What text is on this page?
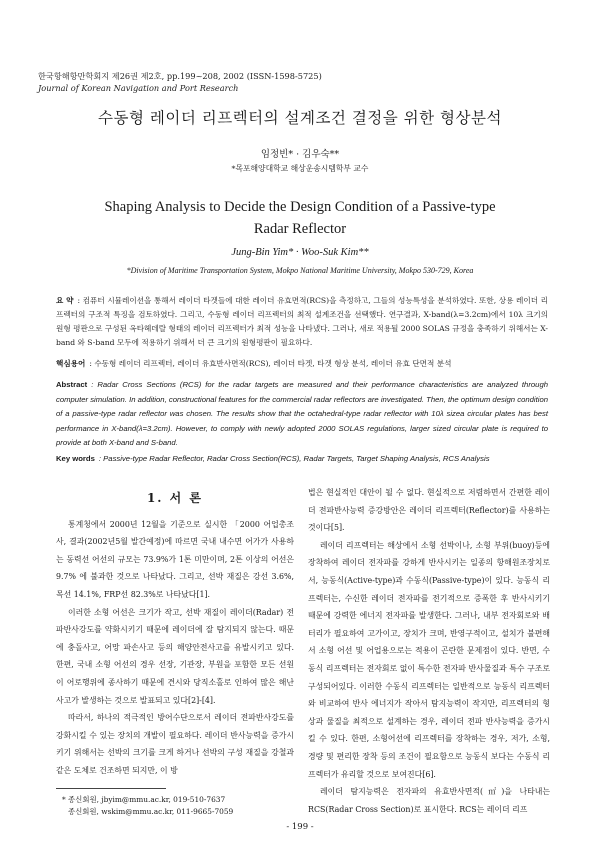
한국항해항만학회지 제26권 제2호, pp.199~208, 2002 (ISSN-1598-5725)
Journal of Korean Navigation and Port Research
수동형 레이더 리프렉터의 설계조건 결정을 위한 형상분석
임정빈* · 김우숙**
*목포해양대학교 해상운송시템학부 교수
Shaping Analysis to Decide the Design Condition of a Passive-type
Radar Reflector
Jung-Bin Yim* · Woo-Suk Kim**
*Division of Maritime Transportation System, Mokpo National Maritime University, Mokpo 530-729, Korea
요 약 : 컴퓨터 시뮬레이션을 통해서 레이더 타겟들에 대한 레이더 유효면적(RCS)을 측정하고, 그들의 성능특성을 분석하였다. 또한, 상용 레이더 리프렉터의 구조적 특징을 검토하였다. 그리고, 수동형 레이더 리프렉터의 최적 설계조건을 선택했다. 연구결과, X-band(λ=3.2cm)에서 10λ 크기의 원형 평판으로 구성된 옥타헤데랄 형태의 레이더 리프렉터가 최적 성능을 나타냈다. 그러나, 새로 적용될 2000 SOLAS 규정을 충족하기 위해서는 X-band 와 S-band 모두에 적용하기 위해서 더 큰 크기의 원형평판이 필요하다.
핵심용어 : 수동형 레이더 리프렉터, 레이더 유효반사면적(RCS), 레이더 타겟, 타겟 형상 분석, 레이더 유효 단면적 분석
Abstract : Radar Cross Sections (RCS) for the radar targets are measured and their performance characteristics are analyzed through computer simulation. In addition, constructional features for the commercial radar reflectors are investigated. Then, the optimum design condition of a passive-type radar reflector was chosen. The results show that the octahedral-type radar reflector with 10λ sizea circular plates has best performance in X-band(λ=3.2cm). However, to comply with newly adopted 2000 SOLAS regulations, larger sized circular plate is required to provide at both X-band and S-band.
Key words : Passive-type Radar Reflector, Radar Cross Section(RCS), Radar Targets, Target Shaping Analysis, RCS Analysis
1. 서 론

통계청에서 2000년 12월을 기준으로 실시한 「2000 어업총조사, 결과(2002년5월 발간예정)에 따르면 국내 내수면 어가가 사용하는 동력선 어선의 규모는 73.9%가 1톤 미만이며, 2톤 이상의 어선은 9.7% 에 불과한 것으로 나타났다. 그리고, 선박 재질은 강선 3.6%, 목선 14.1%, FRP선 82.3%로 나타났다[1].

이러한 소형 어선은 크기가 작고, 선박 재질이 레이더(Radar) 전파반사강도를 약화시키기 때문에 레이더에 잘 탐지되지 않는다. 때문에 충돌사고, 어망 파손사고 등의 해양안전사고를 유발시키고 있다. 한편, 국내 소형 어선의 경우 선장, 기관장, 부원을 포함한 모든 선원이 어로행위에 종사하기 때문에 견시와 당직소홀로 인하여 많은 해난사고가 발생하는 것으로 발표되고 있다[2]-[4].

따라서, 하나의 적극적인 방어수단으로서 레이더 전파반사강도를 강화시킬 수 있는 장치의 개발이 필요하다. 레이더 반사능력을 증가시키기 위해서는 선박의 크기를 크게 하거나 선박의 구성 재질을 강철과 같은 도체로 건조하면 되지만, 이 방

법은 현실적인 대안이 될 수 없다. 현실적으로 저렴하면서 간편한 레이더 전파반사능력 증강방안은 레이더 리프렉터(Reflector)를 사용하는 것이다[5].

레이더 리프렉터는 해상에서 소형 선박이나, 소형 부위(buoy)등에 장착하여 레이더 전자파를 강하게 반사시키는 일종의 항해원조장치로서, 능동식(Active-type)과 수동식(Passive-type)이 있다. 능동식 리프렉터는, 수신한 레이더 전자파를 전기적으로 증폭한 후 반사시키기 때문에 강력한 에너지 전자파를 발생한다. 그러나, 내부 전자회로와 배터리가 필요하여 고가이고, 장치가 크며, 반영구적이고, 설치가 불편해서 소형 어선 및 어업용으로는 적용이 곤란한 문제점이 있다. 반면, 수동식 리프렉터는 전자회로 없이 특수한 전자파 반사물질과 특수 구조로 구성되어있다. 이러한 수동식 리프렉터는 일반적으로 능동식 리프렉터와 비교하여 반사 에너지가 작아서 탐지능력이 작지만, 리프렉터의 형상과 물질을 최적으로 설계하는 경우, 레이더 전파 반사능력을 증가시킬 수 있다. 한편, 소형어선에 리프렉터를 장착하는 경우, 저가, 소형, 경량 및 편리한 장착 등의 조건이 필요함으로 능동식 보다는 수동식 리프렉터가 유리할 것으로 보여진다[6].

레이더 탐지능력은 전자파의 유효반사면적(㎡)을 나타내는 RCS(Radar Cross Section)로 표시한다. RCS는 레이더 리프

* 종신회원, jbyim@mmu.ac.kr, 019-510-7637
종신회원, wskim@mmu.ac.kr, 011-9665-7059
- 199 -
